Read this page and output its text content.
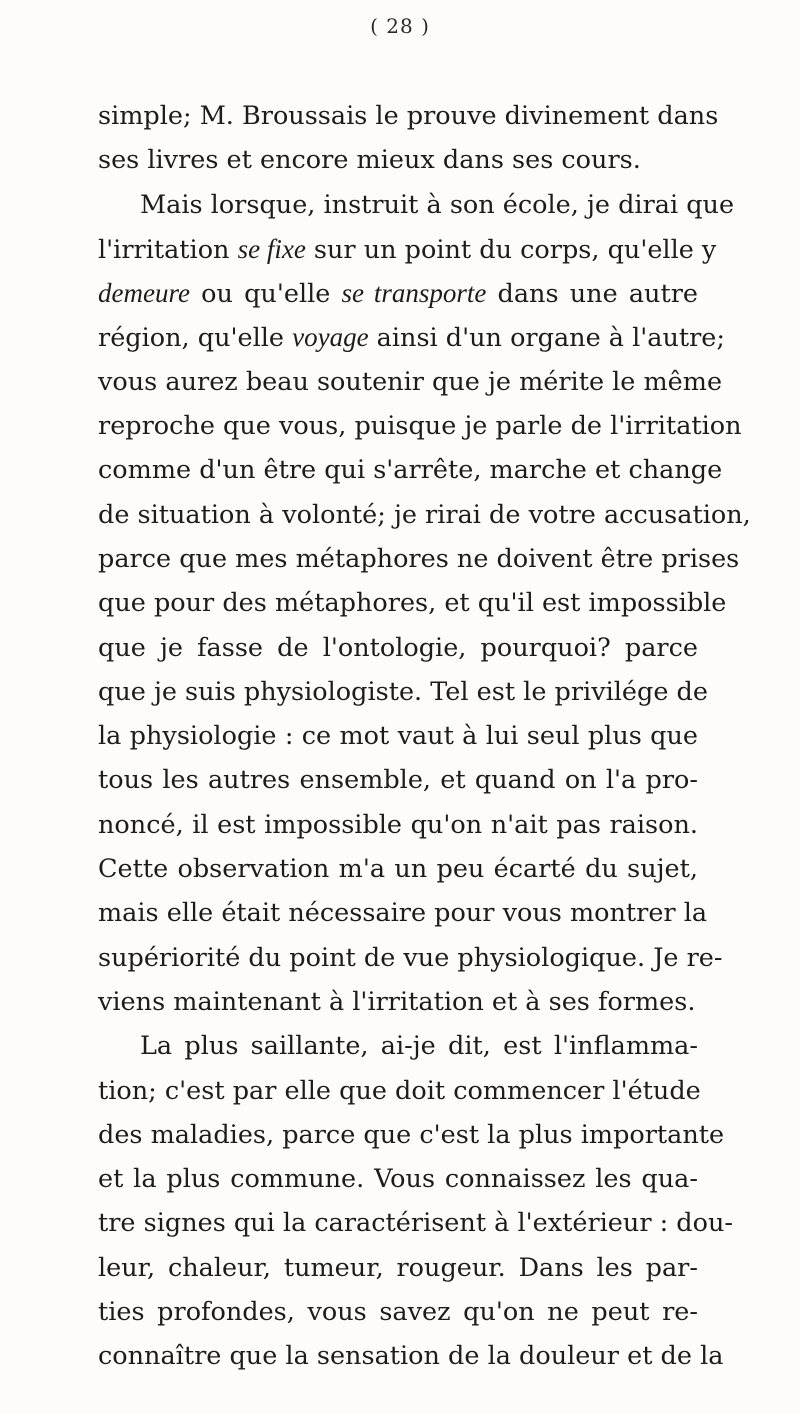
( 28 )
simple; M. Broussais le prouve divinement dans
ses livres et encore mieux dans ses cours.
Mais lorsque, instruit à son école, je dirai que
l'irritation se fixe sur un point du corps, qu'elle y
demeure ou qu'elle se transporte dans une autre
région, qu'elle voyage ainsi d'un organe à l'autre;
vous aurez beau soutenir que je mérite le même
reproche que vous, puisque je parle de l'irritation
comme d'un être qui s'arrête, marche et change
de situation à volonté; je rirai de votre accusation,
parce que mes métaphores ne doivent être prises
que pour des métaphores, et qu'il est impossible
que je fasse de l'ontologie, pourquoi? parce
que je suis physiologiste. Tel est le privilége de
la physiologie : ce mot vaut à lui seul plus que
tous les autres ensemble, et quand on l'a pro-
noncé, il est impossible qu'on n'ait pas raison.
Cette observation m'a un peu écarté du sujet,
mais elle était nécessaire pour vous montrer la
supériorité du point de vue physiologique. Je re-
viens maintenant à l'irritation et à ses formes.
La plus saillante, ai-je dit, est l'inflamma-
tion; c'est par elle que doit commencer l'étude
des maladies, parce que c'est la plus importante
et la plus commune. Vous connaissez les qua-
tre signes qui la caractérisent à l'extérieur : dou-
leur, chaleur, tumeur, rougeur. Dans les par-
ties profondes, vous savez qu'on ne peut re-
connaître que la sensation de la douleur et de la
